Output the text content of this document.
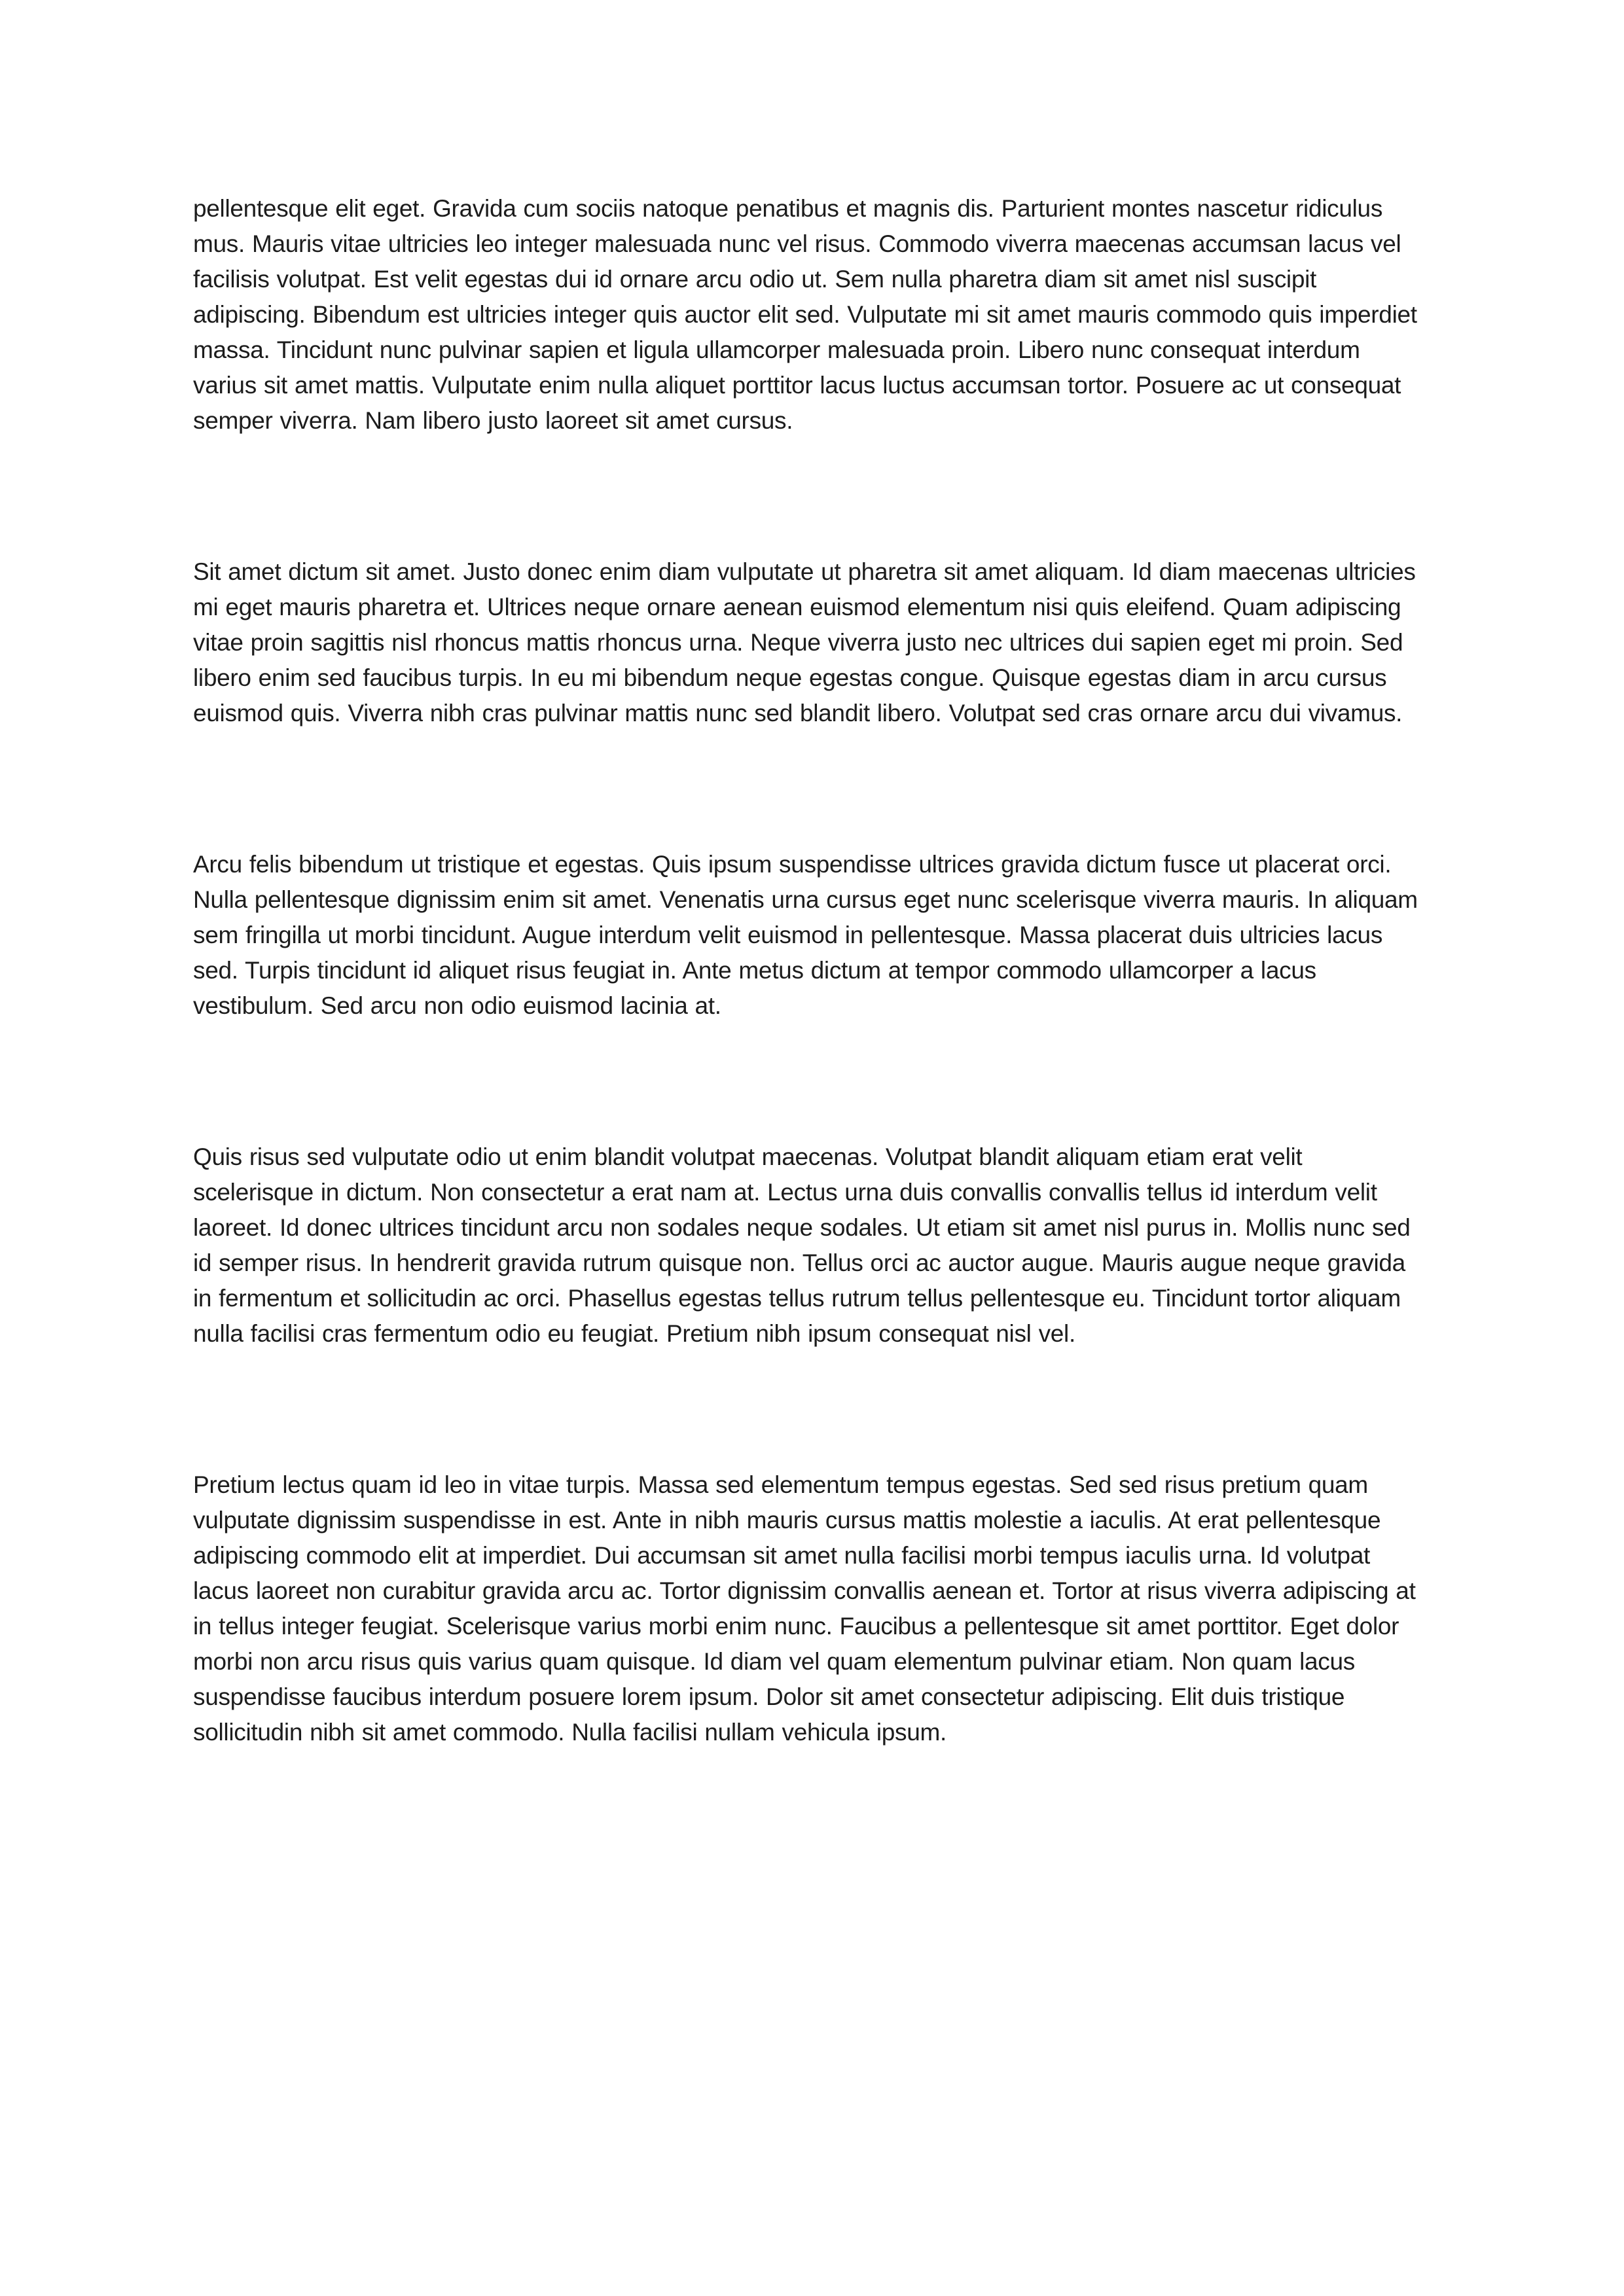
pellentesque elit eget. Gravida cum sociis natoque penatibus et magnis dis. Parturient montes nascetur ridiculus mus. Mauris vitae ultricies leo integer malesuada nunc vel risus. Commodo viverra maecenas accumsan lacus vel facilisis volutpat. Est velit egestas dui id ornare arcu odio ut. Sem nulla pharetra diam sit amet nisl suscipit adipiscing. Bibendum est ultricies integer quis auctor elit sed. Vulputate mi sit amet mauris commodo quis imperdiet massa. Tincidunt nunc pulvinar sapien et ligula ullamcorper malesuada proin. Libero nunc consequat interdum varius sit amet mattis. Vulputate enim nulla aliquet porttitor lacus luctus accumsan tortor. Posuere ac ut consequat semper viverra. Nam libero justo laoreet sit amet cursus.

Sit amet dictum sit amet. Justo donec enim diam vulputate ut pharetra sit amet aliquam. Id diam maecenas ultricies mi eget mauris pharetra et. Ultrices neque ornare aenean euismod elementum nisi quis eleifend. Quam adipiscing vitae proin sagittis nisl rhoncus mattis rhoncus urna. Neque viverra justo nec ultrices dui sapien eget mi proin. Sed libero enim sed faucibus turpis. In eu mi bibendum neque egestas congue. Quisque egestas diam in arcu cursus euismod quis. Viverra nibh cras pulvinar mattis nunc sed blandit libero. Volutpat sed cras ornare arcu dui vivamus.

Arcu felis bibendum ut tristique et egestas. Quis ipsum suspendisse ultrices gravida dictum fusce ut placerat orci. Nulla pellentesque dignissim enim sit amet. Venenatis urna cursus eget nunc scelerisque viverra mauris. In aliquam sem fringilla ut morbi tincidunt. Augue interdum velit euismod in pellentesque. Massa placerat duis ultricies lacus sed. Turpis tincidunt id aliquet risus feugiat in. Ante metus dictum at tempor commodo ullamcorper a lacus vestibulum. Sed arcu non odio euismod lacinia at.

Quis risus sed vulputate odio ut enim blandit volutpat maecenas. Volutpat blandit aliquam etiam erat velit scelerisque in dictum. Non consectetur a erat nam at. Lectus urna duis convallis convallis tellus id interdum velit laoreet. Id donec ultrices tincidunt arcu non sodales neque sodales. Ut etiam sit amet nisl purus in. Mollis nunc sed id semper risus. In hendrerit gravida rutrum quisque non. Tellus orci ac auctor augue. Mauris augue neque gravida in fermentum et sollicitudin ac orci. Phasellus egestas tellus rutrum tellus pellentesque eu. Tincidunt tortor aliquam nulla facilisi cras fermentum odio eu feugiat. Pretium nibh ipsum consequat nisl vel.

Pretium lectus quam id leo in vitae turpis. Massa sed elementum tempus egestas. Sed sed risus pretium quam vulputate dignissim suspendisse in est. Ante in nibh mauris cursus mattis molestie a iaculis. At erat pellentesque adipiscing commodo elit at imperdiet. Dui accumsan sit amet nulla facilisi morbi tempus iaculis urna. Id volutpat lacus laoreet non curabitur gravida arcu ac. Tortor dignissim convallis aenean et. Tortor at risus viverra adipiscing at in tellus integer feugiat. Scelerisque varius morbi enim nunc. Faucibus a pellentesque sit amet porttitor. Eget dolor morbi non arcu risus quis varius quam quisque. Id diam vel quam elementum pulvinar etiam. Non quam lacus suspendisse faucibus interdum posuere lorem ipsum. Dolor sit amet consectetur adipiscing. Elit duis tristique sollicitudin nibh sit amet commodo. Nulla facilisi nullam vehicula ipsum.
